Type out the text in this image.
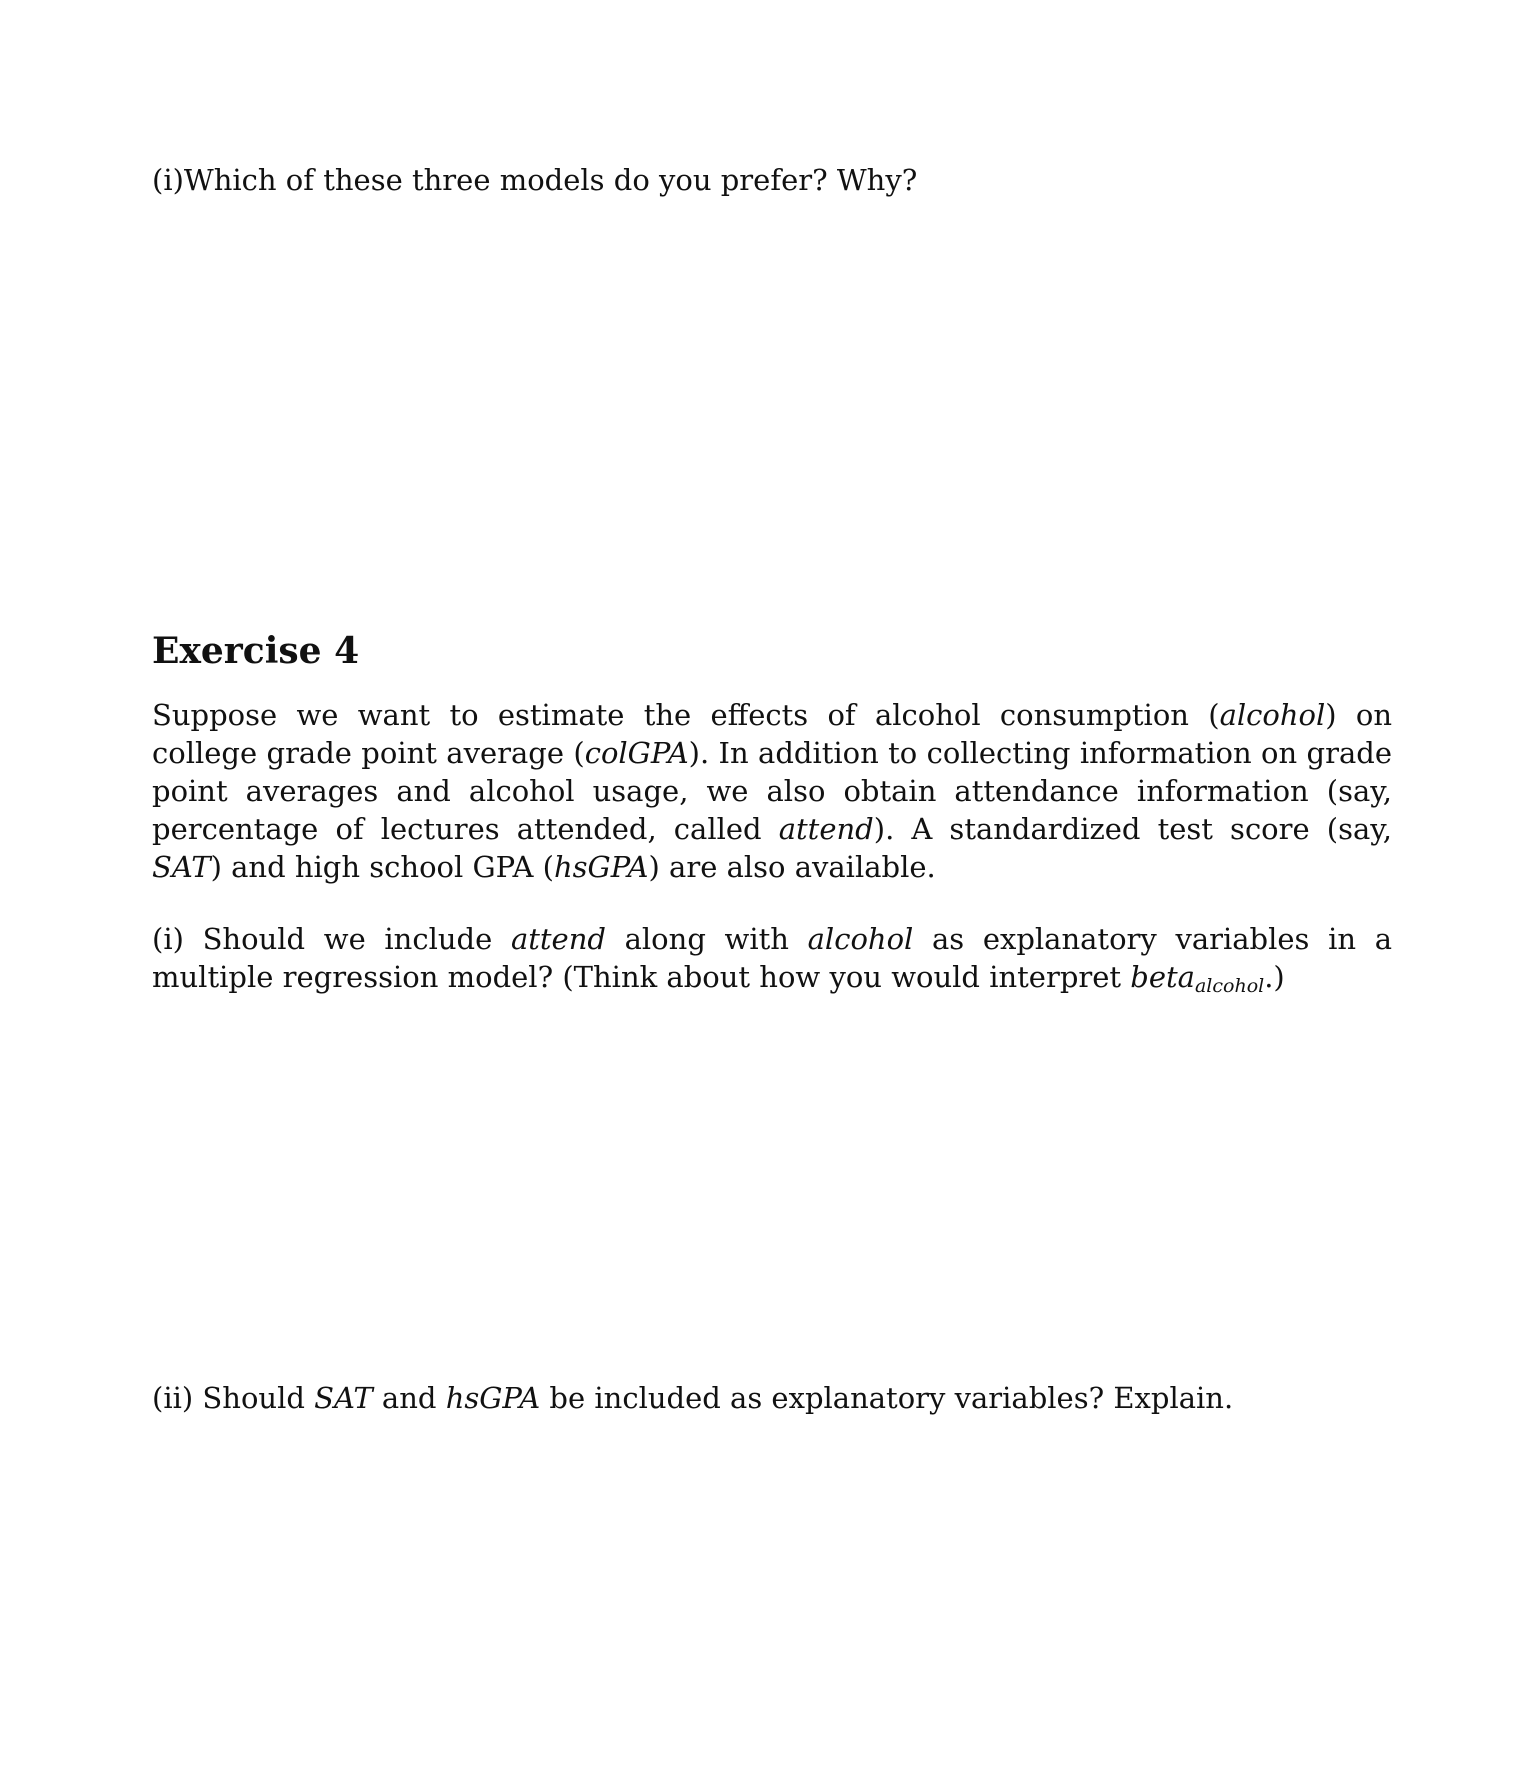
(i)Which of these three models do you prefer? Why?
Exercise 4
Suppose we want to estimate the effects of alcohol consumption (alcohol) on college grade point average (colGPA). In addition to collecting information on grade point averages and alcohol usage, we also obtain attendance information (say, percentage of lectures attended, called attend). A standardized test score (say, SAT) and high school GPA (hsGPA) are also available.
(i) Should we include attend along with alcohol as explanatory variables in a multiple regression model? (Think about how you would interpret beta$_{alcohol}$.)
(ii) Should SAT and hsGPA be included as explanatory variables? Explain.
